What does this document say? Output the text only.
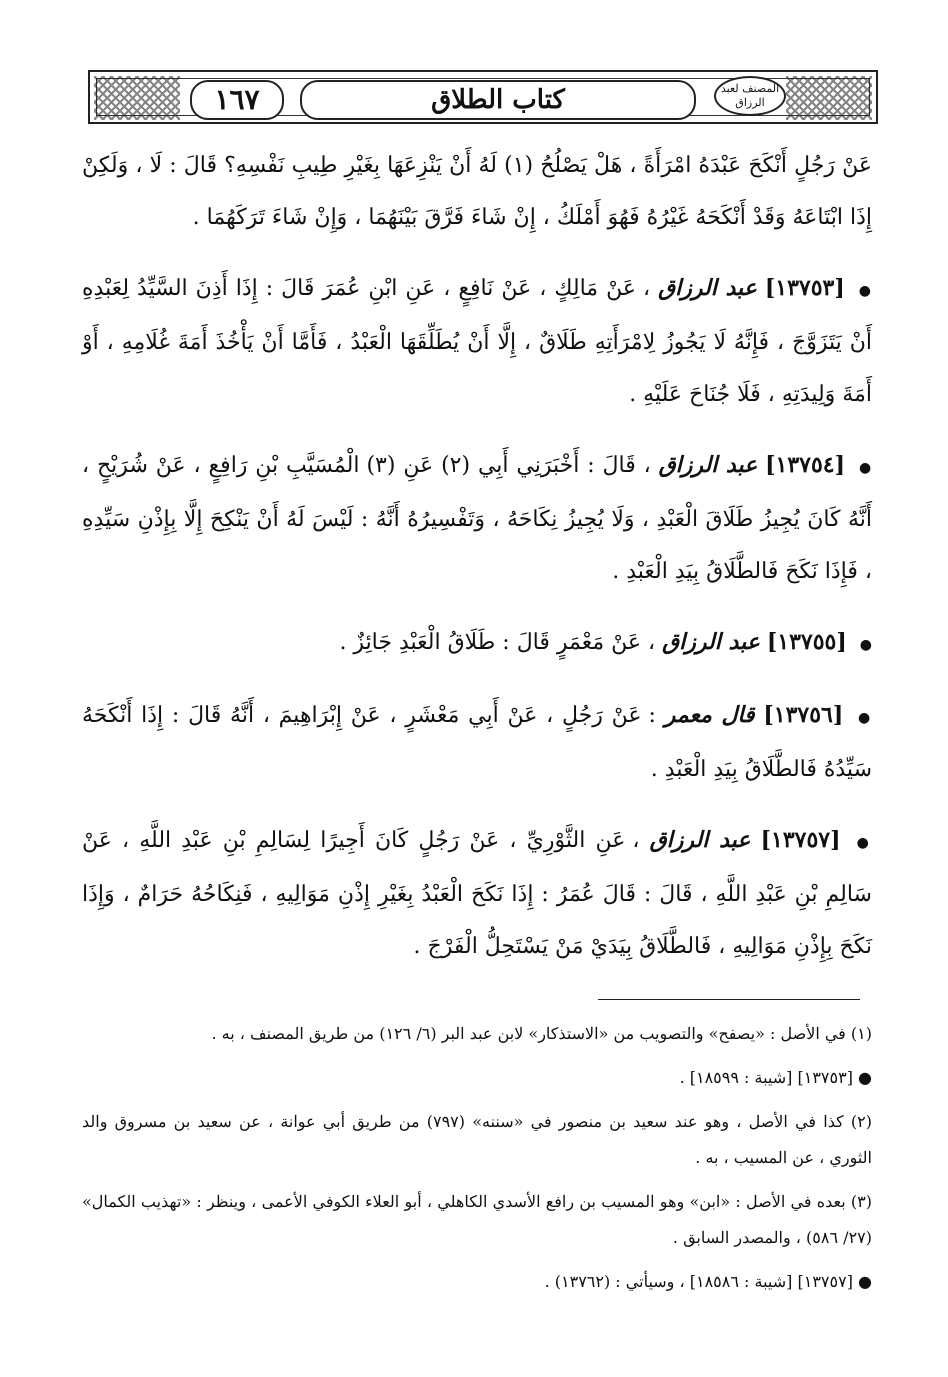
١٦٧	كتاب الطلاق	المصنف لعبد الرزاق

عَنْ رَجُلٍ أَنْكَحَ عَبْدَهُ امْرَأَةً ، هَلْ يَصْلُحُ (١) لَهُ أَنْ يَنْزِعَهَا بِغَيْرِ طِيبِ نَفْسِهِ؟ قَالَ : لَا ، وَلَكِنْ إِذَا ابْتَاعَهُ وَقَدْ أَنْكَحَهُ غَيْرُهُ فَهُوَ أَمْلَكُ ، إِنْ شَاءَ فَرَّقَ بَيْنَهُمَا ، وَإِنْ شَاءَ تَرَكَهُمَا .

● [١٣٧٥٣] عبد الرزاق ، عَنْ مَالِكٍ ، عَنْ نَافِعٍ ، عَنِ ابْنِ عُمَرَ قَالَ : إِذَا أَذِنَ السَّيِّدُ لِعَبْدِهِ أَنْ يَتَزَوَّجَ ، فَإِنَّهُ لَا يَجُوزُ لِامْرَأَتِهِ طَلَاقٌ ، إِلَّا أَنْ يُطَلِّقَهَا الْعَبْدُ ، فَأَمَّا أَنْ يَأْخُذَ أَمَةَ غُلَامِهِ ، أَوْ أَمَةَ وَلِيدَتِهِ ، فَلَا جُنَاحَ عَلَيْهِ .

● [١٣٧٥٤] عبد الرزاق ، قَالَ : أَخْبَرَنِي أَبِي (٢) عَنِ (٣) الْمُسَيَّبِ بْنِ رَافِعٍ ، عَنْ شُرَيْحٍ ، أَنَّهُ كَانَ يُجِيزُ طَلَاقَ الْعَبْدِ ، وَلَا يُجِيزُ نِكَاحَهُ ، وَتَفْسِيرُهُ أَنَّهُ : لَيْسَ لَهُ أَنْ يَنْكِحَ إِلَّا بِإِذْنِ سَيِّدِهِ ، فَإِذَا نَكَحَ فَالطَّلَاقُ بِيَدِ الْعَبْدِ .

● [١٣٧٥٥] عبد الرزاق ، عَنْ مَعْمَرٍ قَالَ : طَلَاقُ الْعَبْدِ جَائِزٌ .

● [١٣٧٥٦] قال معمر : عَنْ رَجُلٍ ، عَنْ أَبِي مَعْشَرٍ ، عَنْ إِبْرَاهِيمَ ، أَنَّهُ قَالَ : إِذَا أَنْكَحَهُ سَيِّدُهُ فَالطَّلَاقُ بِيَدِ الْعَبْدِ .

● [١٣٧٥٧] عبد الرزاق ، عَنِ الثَّوْرِيِّ ، عَنْ رَجُلٍ كَانَ أَجِيرًا لِسَالِمِ بْنِ عَبْدِ اللَّهِ ، عَنْ سَالِمِ بْنِ عَبْدِ اللَّهِ ، قَالَ : قَالَ عُمَرُ : إِذَا نَكَحَ الْعَبْدُ بِغَيْرِ إِذْنِ مَوَالِيهِ ، فَنِكَاحُهُ حَرَامٌ ، وَإِذَا نَكَحَ بِإِذْنِ مَوَالِيهِ ، فَالطَّلَاقُ بِيَدَيْ مَنْ يَسْتَحِلُّ الْفَرْجَ .

(١) في الأصل : «يصفح» والتصويب من «الاستذكار» لابن عبد البر (٦/ ١٢٦) من طريق المصنف ، به .

● [١٣٧٥٣] [شيبة : ١٨٥٩٩] .

(٢) كذا في الأصل ، وهو عند سعيد بن منصور في «سننه» (٧٩٧) من طريق أبي عوانة ، عن سعيد بن مسروق والد الثوري ، عن المسيب ، به .

(٣) بعده في الأصل : «ابن» وهو المسيب بن رافع الأسدي الكاهلي ، أبو العلاء الكوفي الأعمى ، وينظر : «تهذيب الكمال» (٢٧/ ٥٨٦) ، والمصدر السابق .

● [١٣٧٥٧] [شيبة : ١٨٥٨٦] ، وسيأتي : (١٣٧٦٢) .
